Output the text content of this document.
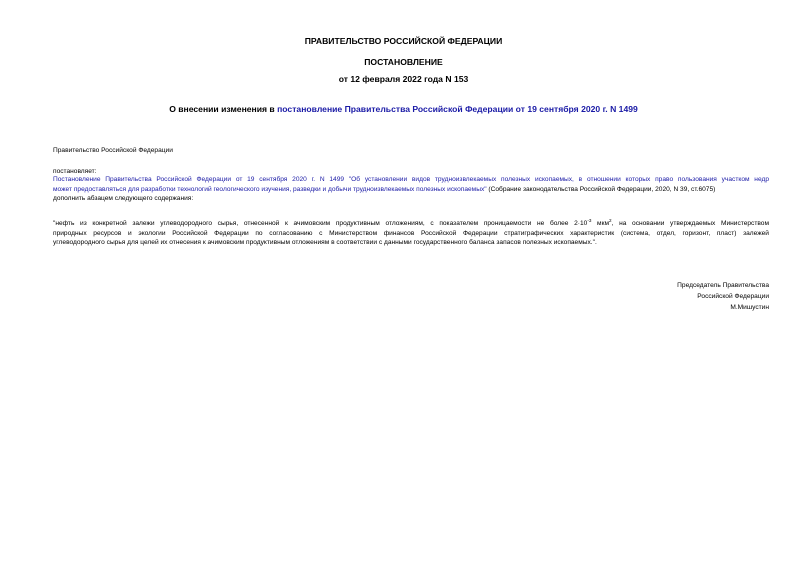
ПРАВИТЕЛЬСТВО РОССИЙСКОЙ ФЕДЕРАЦИИ
ПОСТАНОВЛЕНИЕ
от 12 февраля 2022 года N 153
О внесении изменения в постановление Правительства Российской Федерации от 19 сентября 2020 г. N 1499
Правительство Российской Федерации
постановляет:
Постановление Правительства Российской Федерации от 19 сентября 2020 г. N 1499 "Об установлении видов трудноизвлекаемых полезных ископаемых, в отношении которых право пользования участком недр
может предоставляться для разработки технологий геологического изучения, разведки и добычи трудноизвлекаемых полезных ископаемых" (Собрание законодательства Российской Федерации, 2020, N 39, ст.6075)
дополнить абзацем следующего содержания:
"нефть из конкретной залежи углеводородного сырья, отнесенной к ачимовским продуктивным отложениям, с показателем проницаемости не более $2\cdot 10^{-3}$ мкм$^2$, на основании утверждаемых Министерством
природных ресурсов и экологии Российской Федерации по согласованию с Министерством финансов Российской Федерации стратиграфических характеристик (система, отдел, горизонт, пласт) залежей
углеводородного сырья для целей их отнесения к ачимовским продуктивным отложениям в соответствии с данными государственного баланса запасов полезных ископаемых.".
Председатель Правительства
Российской Федерации
М.Мишустин
